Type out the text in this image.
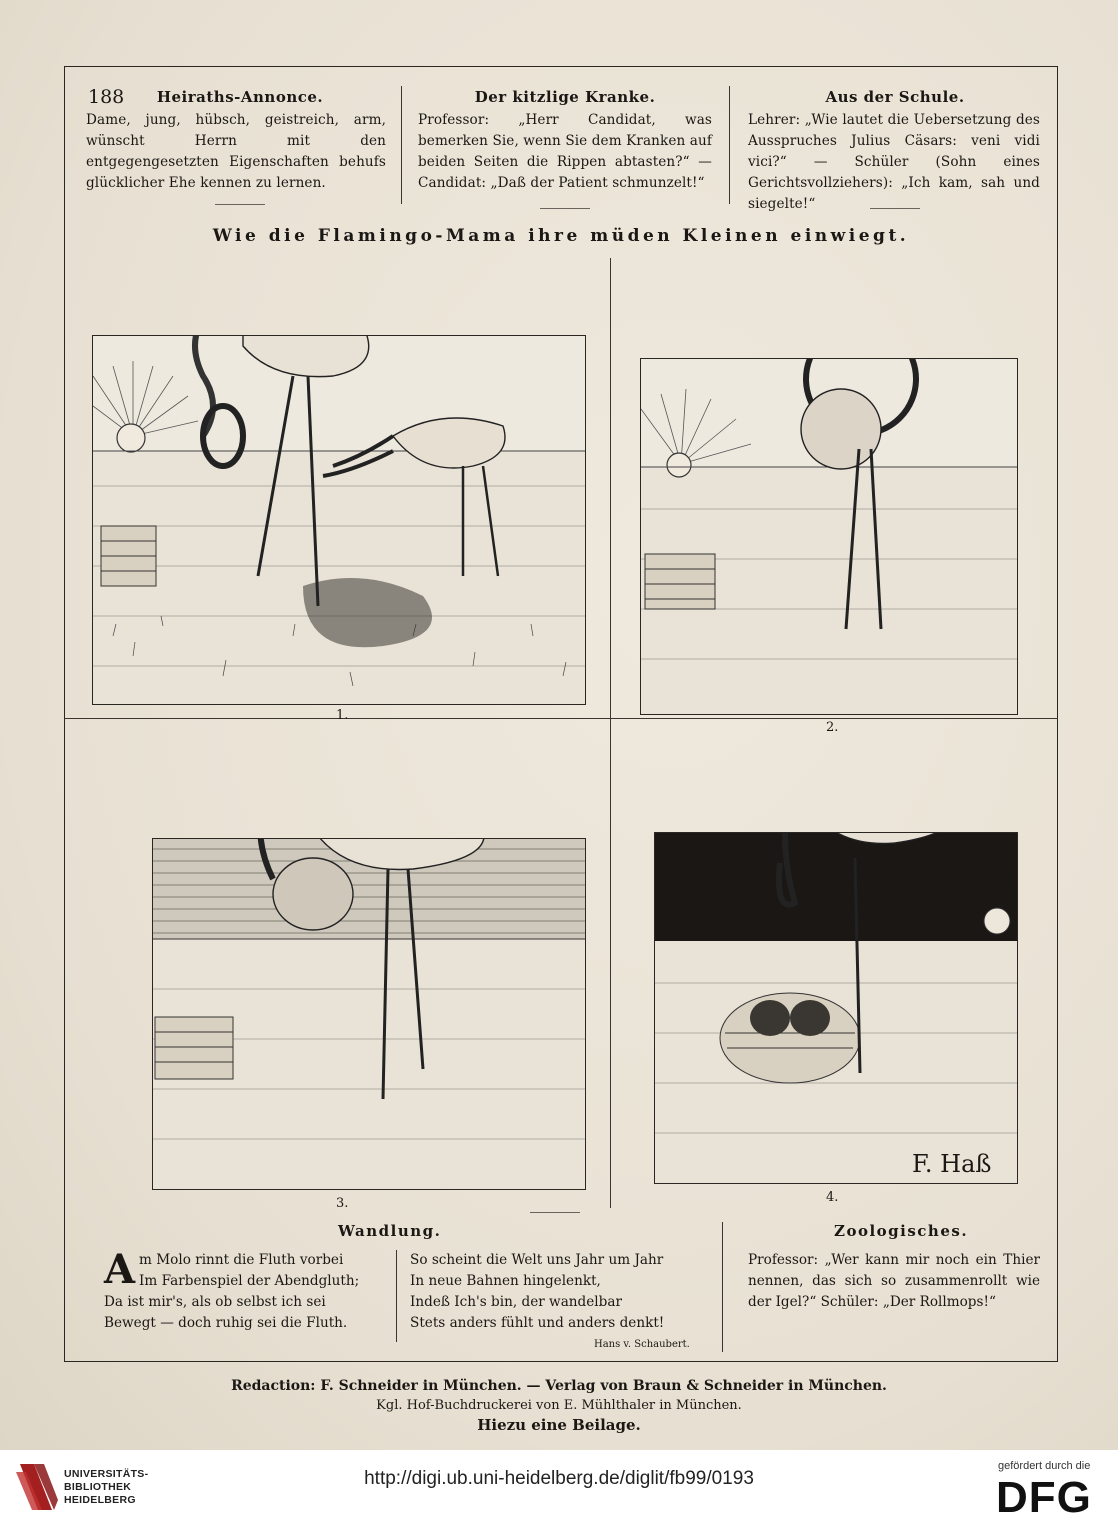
188	Heiraths-Annonce.
Dame, jung, hübsch, geistreich, arm, wünscht Herrn mit den entgegengesetzten Eigenschaften behufs glücklicher Ehe kennen zu lernen.
Der kitzlige Kranke.
Professor: „Herr Candidat, was bemerken Sie, wenn Sie dem Kranken auf beiden Seiten die Rippen abtasten?“ — Candidat: „Daß der Patient schmunzelt!“
Aus der Schule.
Lehrer: „Wie lautet die Uebersetzung des Ausspruches Julius Cäsars: veni vidi vici?“ — Schüler (Sohn eines Gerichtsvollziehers): „Ich kam, sah und siegelte!“
Wie die Flamingo-Mama ihre müden Kleinen einwiegt.
1.
2.
3.
F. Haß
4.
Wandlung.
A m Molo rinnt die Fluth vorbei
Im Farbenspiel der Abendgluth;
Da ist mir's, als ob selbst ich sei
Bewegt — doch ruhig sei die Fluth.
So scheint die Welt uns Jahr um Jahr
In neue Bahnen hingelenkt,
Indeß Ich's bin, der wandelbar
Stets anders fühlt und anders denkt!
Hans v. Schaubert.
Zoologisches.
Professor: „Wer kann mir noch ein Thier nennen, das sich so zusammenrollt wie der Igel?“ Schüler: „Der Rollmops!“
Redaction: F. Schneider in München. — Verlag von Braun & Schneider in München.
Kgl. Hof-Buchdruckerei von E. Mühlthaler in München.
Hiezu eine Beilage.
UNIVERSITÄTS-
BIBLIOTHEK
HEIDELBERG
http://digi.ub.uni-heidelberg.de/diglit/fb99/0193
gefördert durch die
DFG
